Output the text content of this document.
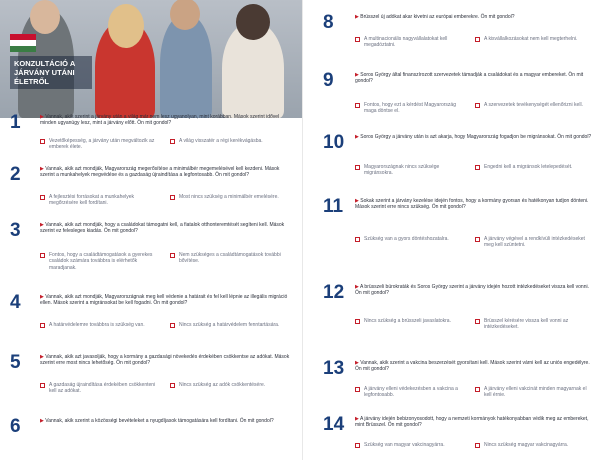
KONZULTÁCIÓ A JÁRVÁNY UTÁNI ÉLETRŐL
1	▶ Vannak, akik szerint a járvány után a világ már nem lesz ugyanolyan, mint korábban. Mások szerint idővel minden ugyanúgy lesz, mint a járvány előtt. Ön mit gondol?
Vezetőképesség, a járvány után megváltozik az emberek élete.
A világ visszatér a régi kerékvágásba.
2	▶ Vannak, akik azt mondják, Magyarország megerősítése a minimálbér megemelésével kell kezdeni. Mások szerint a munkahelyek megvédése és a gazdaság újraindítása a legfontosabb. Ön mit gondol?
A fejlesztési forrásokat a munkahelyek megőrzésére kell fordítani.
Most nincs szükség a minimálbér emelésére.
3	▶ Vannak, akik azt mondják, hogy a családokat támogatni kell, a fiatalok otthonteremtését segíteni kell. Mások szerint ez felesleges kiadás. Ön mit gondol?
Fontos, hogy a családtámogatások a gyerekes családok számára továbbra is elérhetők maradjanak.
Nem szükséges a családtámogatások további bővítése.
4	▶ Vannak, akik azt mondják, Magyarországnak meg kell védenie a határait és fel kell lépnie az illegális migráció ellen. Mások szerint a migránsokat be kell fogadni. Ön mit gondol?
A határvédelemre továbbra is szükség van.	Nincs szükség a határvédelem fenntartására.
5	▶ Vannak, akik azt javasolják, hogy a kormány a gazdasági növekedés érdekében csökkentse az adókat. Mások szerint erre most nincs lehetőség. Ön mit gondol?
A gazdaság újraindítása érdekében csökkenteni kell az adókat.
Nincs szükség az adók csökkentésére.
6	▶ Vannak, akik szerint a közösségi bevételeket a nyugdíjasok támogatására kell fordítani. Ön mit gondol?
8	▶ Brüsszel új adókat akar kivetni az európai emberekre. Ön mit gondol?
A multinacionális nagyvállalatokat kell megadóztatni.
A kisvállalkozásokat nem kell megterhelni.
9	▶ Soros György által finanszírozott szervezetek támadják a családokat és a magyar embereket. Ön mit gondol?
Fontos, hogy ezt a kérdést Magyarország maga döntse el.
A szervezetek tevékenységét ellenőrizni kell.
10 ▶ Soros György a járvány után is azt akarja, hogy Magyarország fogadjon be migránsokat. Ön mit gondol?
Magyarországnak nincs szüksége migránsokra.
Engedni kell a migránsok letelepedését.
11 ▶ Sokak szerint a járvány kezelése idején fontos, hogy a kormány gyorsan és hatékonyan tudjon dönteni. Mások szerint erre nincs szükség. Ön mit gondol?
Szükség van a gyors döntéshozatalra.	A járvány végével a rendkívüli intézkedéseket meg kell szüntetni.
12 ▶ A brüsszeli bürokraták és Soros György szerint a járvány idején hozott intézkedéseket vissza kell vonni. Ön mit gondol?
Nincs szükség a brüsszeli javaslatokra.	Brüsszel kérésére vissza kell vonni az intézkedéseket.
13 ▶ Vannak, akik szerint a vakcina beszerzését gyorsítani kell. Mások szerint várni kell az uniós engedélyre. Ön mit gondol?
A járvány elleni védekezésben a vakcina a legfontosabb.
A járvány elleni vakcinát minden magyarnak el kell érnie.
14 ▶ A járvány idején bebizonyosodott, hogy a nemzeti kormányok hatékonyabban védik meg az embereket, mint Brüsszel. Ön mit gondol?
Szükség van magyar vakcinagyárra.	Nincs szükség magyar vakcinagyárra.
